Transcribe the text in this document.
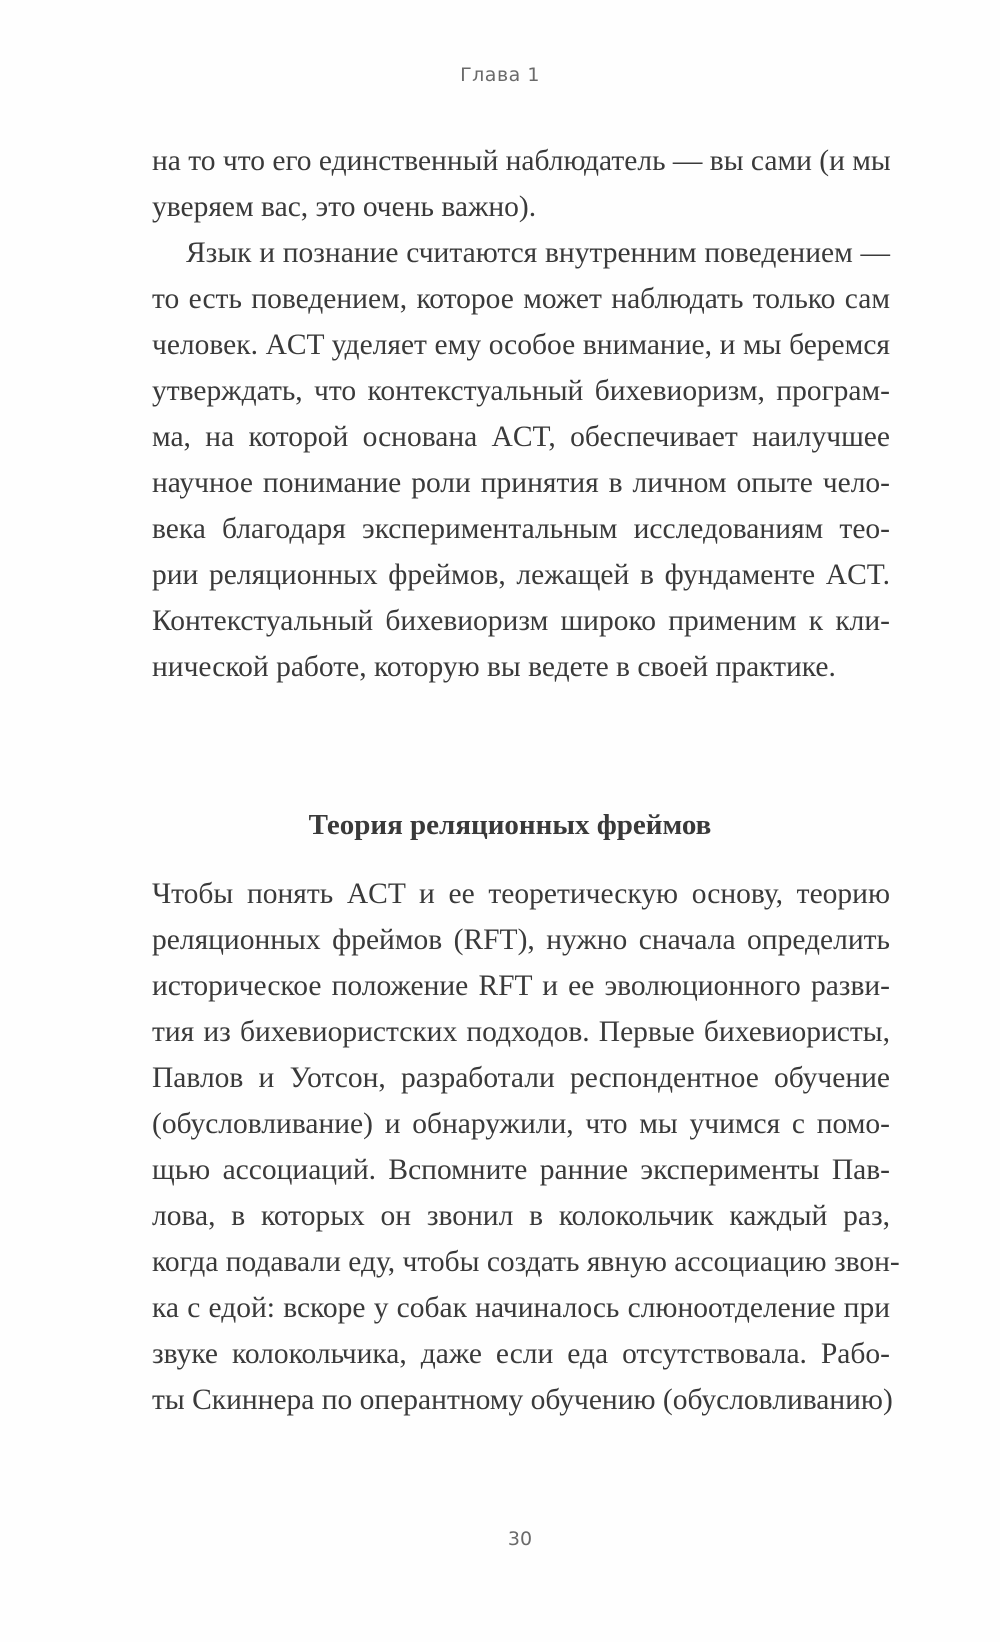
Глава 1
на то что его единственный наблюдатель — вы сами (и мы
уверяем вас, это очень важно).
Язык и познание считаются внутренним поведением —
то есть поведением, которое может наблюдать только сам
человек. ACT уделяет ему особое внимание, и мы беремся
утверждать, что контекстуальный бихевиоризм, програм-
ма, на которой основана ACT, обеспечивает наилучшее
научное понимание роли принятия в личном опыте чело-
века благодаря экспериментальным исследованиям тео-
рии реляционных фреймов, лежащей в фундаменте ACT.
Контекстуальный бихевиоризм широко применим к кли-
нической работе, которую вы ведете в своей практике.
Теория реляционных фреймов
Чтобы понять ACT и ее теоретическую основу, теорию
реляционных фреймов (RFT), нужно сначала определить
историческое положение RFT и ее эволюционного разви-
тия из бихевиористских подходов. Первые бихевиористы,
Павлов и Уотсон, разработали респондентное обучение
(обусловливание) и обнаружили, что мы учимся с помо-
щью ассоциаций. Вспомните ранние эксперименты Пав-
лова, в которых он звонил в колокольчик каждый раз,
когда подавали еду, чтобы создать явную ассоциацию звон-
ка с едой: вскоре у собак начиналось слюноотделение при
звуке колокольчика, даже если еда отсутствовала. Рабо-
ты Скиннера по оперантному обучению (обусловливанию)
30
